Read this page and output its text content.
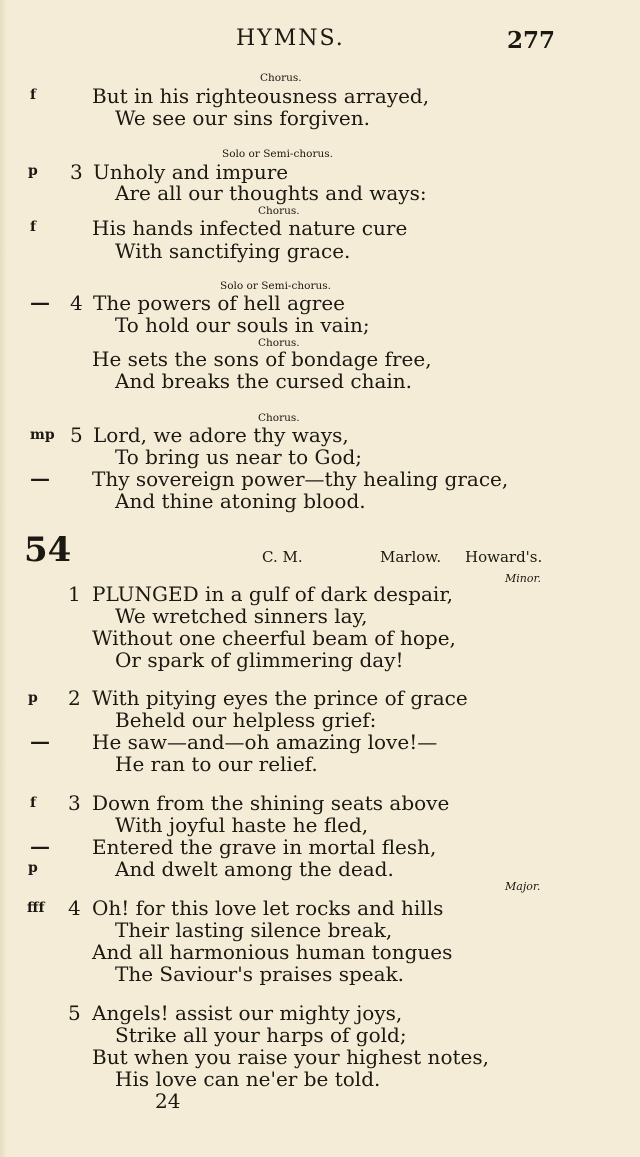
HYMNS.	277
Chorus.
f	But in his righteousness arrayed,
We see our sins forgiven.
Solo or Semi-chorus.
p 3 Unholy and impure
Are all our thoughts and ways:
Chorus.
f	His hands infected nature cure
With sanctifying grace.
Solo or Semi-chorus.
— 4 The powers of hell agree
To hold our souls in vain;
Chorus.
He sets the sons of bondage free,
And breaks the cursed chain.
Chorus.
mp 5 Lord, we adore thy ways,
To bring us near to God;
— Thy sovereign power—thy healing grace,
And thine atoning blood.
54	C. M.	Marlow. Howard's.
Minor.
1 PLUNGED in a gulf of dark despair,
We wretched sinners lay,
Without one cheerful beam of hope,
Or spark of glimmering day!
p 2 With pitying eyes the prince of grace
Beheld our helpless grief:
— He saw—and—oh amazing love!—
He ran to our relief.
f 3 Down from the shining seats above
With joyful haste he fled,
— Entered the grave in mortal flesh,
p	And dwelt among the dead.
Major.
fff 4 Oh! for this love let rocks and hills
Their lasting silence break,
And all harmonious human tongues
The Saviour's praises speak.
5 Angels! assist our mighty joys,
Strike all your harps of gold;
But when you raise your highest notes,
His love can ne'er be told.
24
